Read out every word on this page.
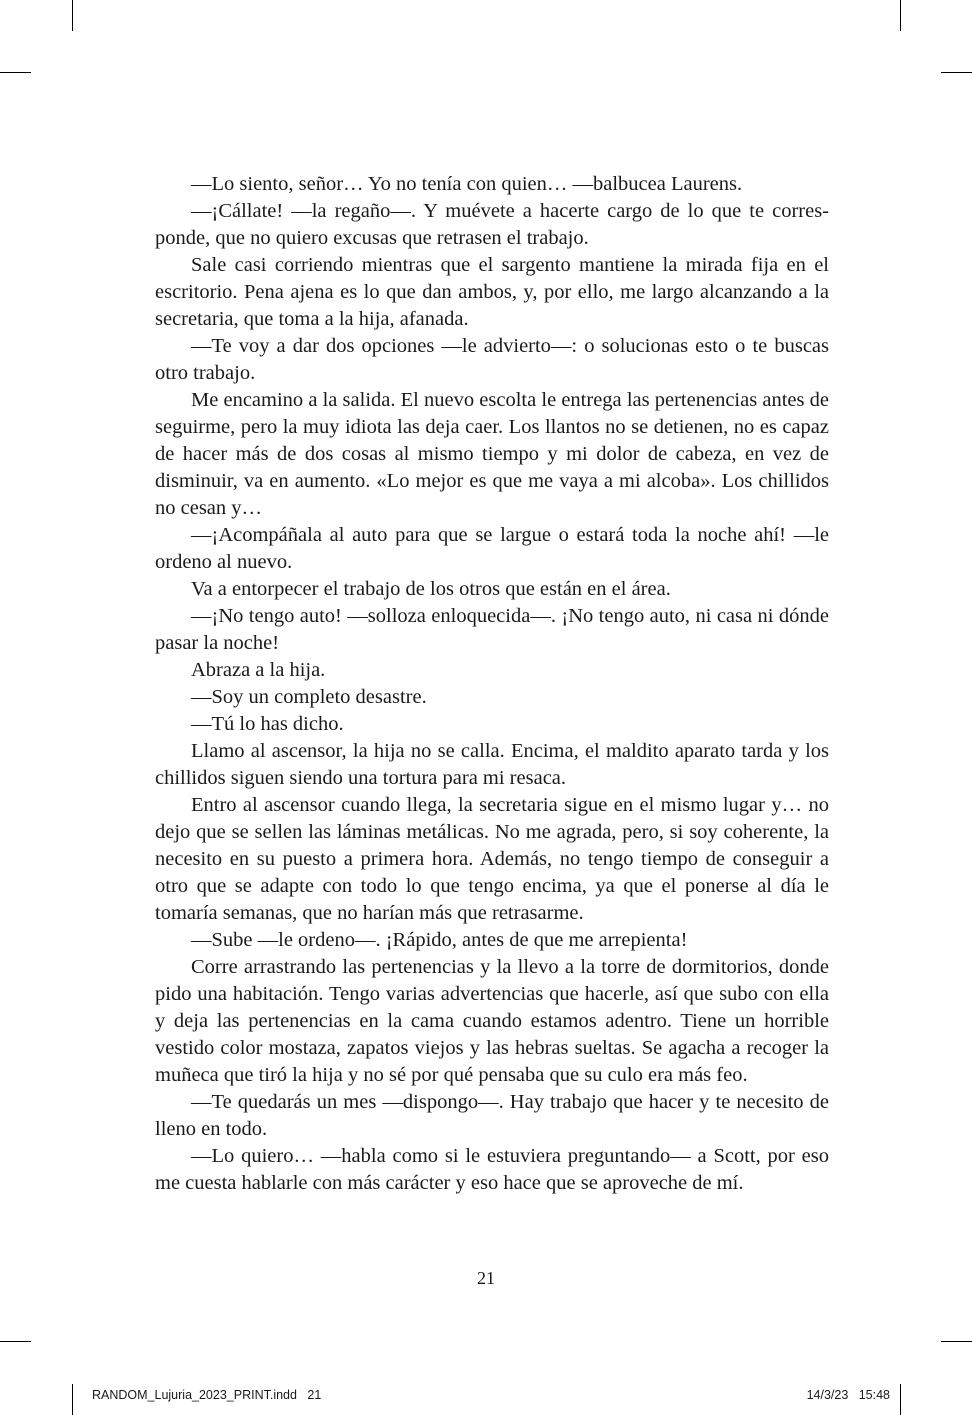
—Lo siento, señor… Yo no tenía con quien… —balbucea Laurens.

—¡Cállate! —la regaño—. Y muévete a hacerte cargo de lo que te corresponde, que no quiero excusas que retrasen el trabajo.

Sale casi corriendo mientras que el sargento mantiene la mirada fija en el escritorio. Pena ajena es lo que dan ambos, y, por ello, me largo alcanzando a la secretaria, que toma a la hija, afanada.

—Te voy a dar dos opciones —le advierto—: o solucionas esto o te buscas otro trabajo.

Me encamino a la salida. El nuevo escolta le entrega las pertenencias antes de seguirme, pero la muy idiota las deja caer. Los llantos no se detienen, no es capaz de hacer más de dos cosas al mismo tiempo y mi dolor de cabeza, en vez de disminuir, va en aumento. «Lo mejor es que me vaya a mi alcoba». Los chillidos no cesan y…

—¡Acompáñala al auto para que se largue o estará toda la noche ahí! —le ordeno al nuevo.

Va a entorpecer el trabajo de los otros que están en el área.

—¡No tengo auto! —solloza enloquecida—. ¡No tengo auto, ni casa ni dónde pasar la noche!

Abraza a la hija.

—Soy un completo desastre.

—Tú lo has dicho.

Llamo al ascensor, la hija no se calla. Encima, el maldito aparato tarda y los chillidos siguen siendo una tortura para mi resaca.

Entro al ascensor cuando llega, la secretaria sigue en el mismo lugar y… no dejo que se sellen las láminas metálicas. No me agrada, pero, si soy coherente, la necesito en su puesto a primera hora. Además, no tengo tiempo de conseguir a otro que se adapte con todo lo que tengo encima, ya que el ponerse al día le tomaría semanas, que no harían más que retrasarme.

—Sube —le ordeno—. ¡Rápido, antes de que me arrepienta!

Corre arrastrando las pertenencias y la llevo a la torre de dormitorios, donde pido una habitación. Tengo varias advertencias que hacerle, así que subo con ella y deja las pertenencias en la cama cuando estamos adentro. Tiene un horrible vestido color mostaza, zapatos viejos y las hebras sueltas. Se agacha a recoger la muñeca que tiró la hija y no sé por qué pensaba que su culo era más feo.

—Te quedarás un mes —dispongo—. Hay trabajo que hacer y te necesito de lleno en todo.

—Lo quiero… —habla como si le estuviera preguntando— a Scott, por eso me cuesta hablarle con más carácter y eso hace que se aproveche de mí.

21
RANDOM_Lujuria_2023_PRINT.indd   21	14/3/23   15:48
